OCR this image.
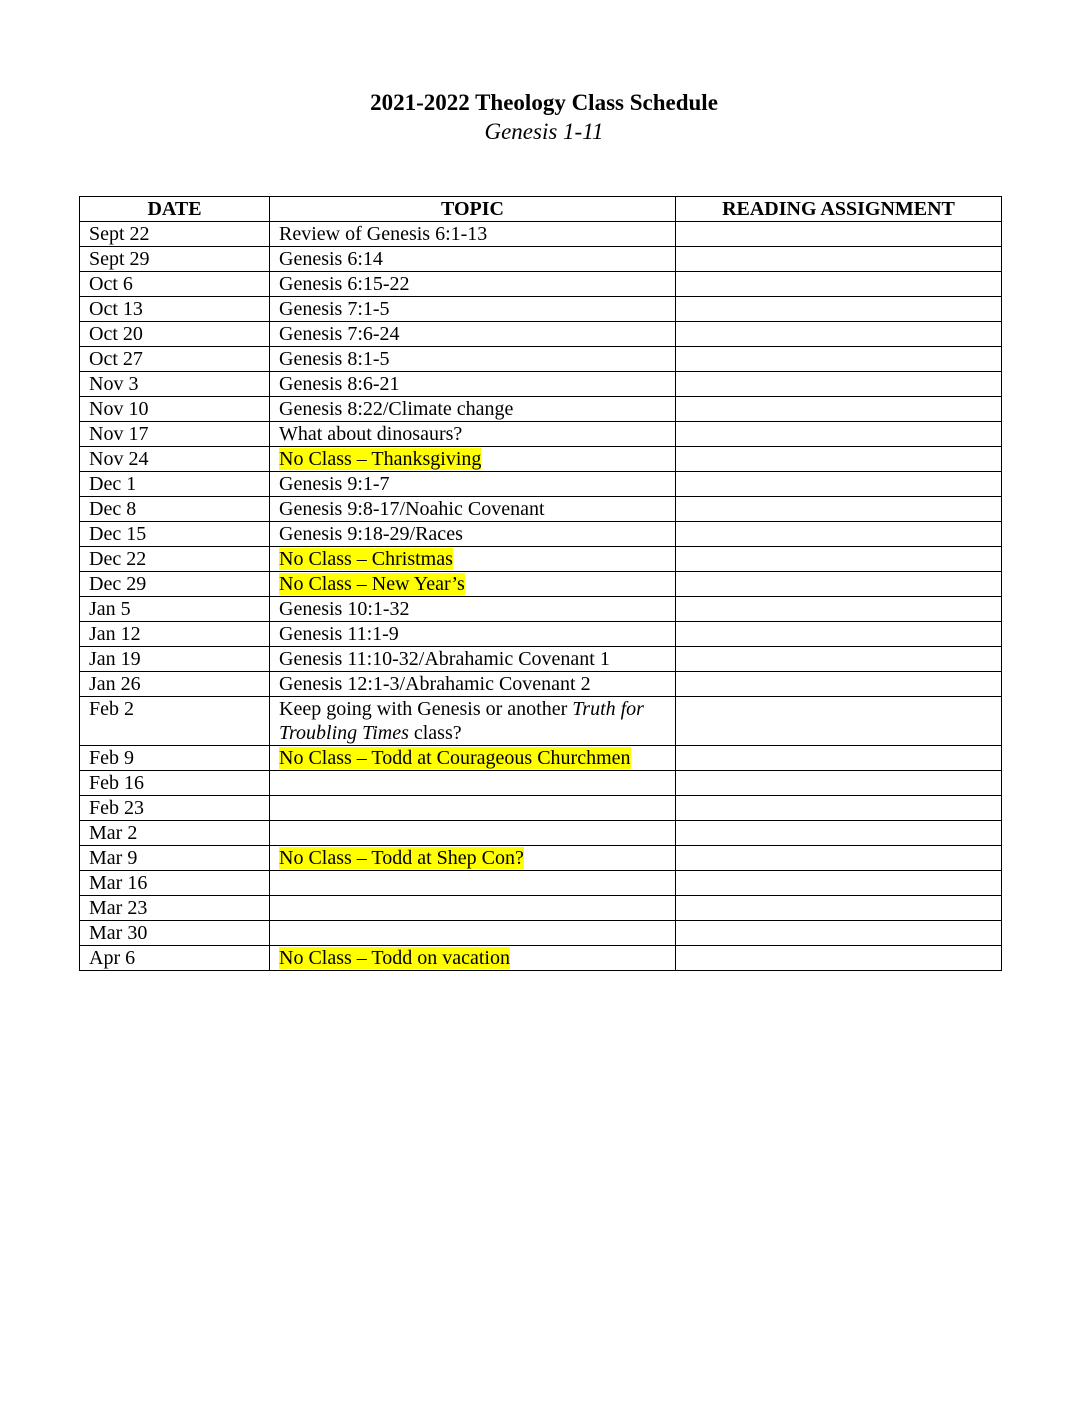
2021-2022 Theology Class Schedule
Genesis 1-11
DATE	TOPIC	READING ASSIGNMENT
Sept 22	Review of Genesis 6:1-13	
Sept 29	Genesis 6:14	
Oct 6	Genesis 6:15-22	
Oct 13	Genesis 7:1-5	
Oct 20	Genesis 7:6-24	
Oct 27	Genesis 8:1-5	
Nov 3	Genesis 8:6-21	
Nov 10	Genesis 8:22/Climate change	
Nov 17	What about dinosaurs?	
Nov 24	No Class – Thanksgiving	
Dec 1	Genesis 9:1-7	
Dec 8	Genesis 9:8-17/Noahic Covenant	
Dec 15	Genesis 9:18-29/Races	
Dec 22	No Class – Christmas	
Dec 29	No Class – New Year’s	
Jan 5	Genesis 10:1-32	
Jan 12	Genesis 11:1-9	
Jan 19	Genesis 11:10-32/Abrahamic Covenant 1	
Jan 26	Genesis 12:1-3/Abrahamic Covenant 2	
Feb 2	Keep going with Genesis or another Truth for Troubling Times class?	
Feb 9	No Class – Todd at Courageous Churchmen	
Feb 16		
Feb 23		
Mar 2		
Mar 9	No Class – Todd at Shep Con?	
Mar 16		
Mar 23		
Mar 30		
Apr 6	No Class – Todd on vacation	
